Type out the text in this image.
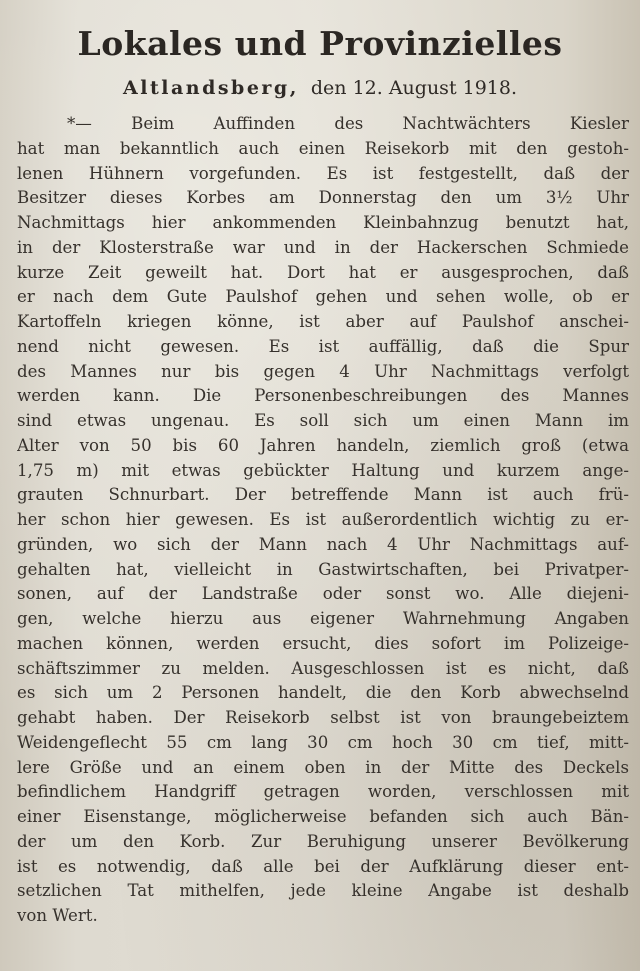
Lokales und Provinzielles
Altlandsberg, den 12. August 1918.
*— Beim Auffinden des Nachtwächters Kiesler
hat man bekanntlich auch einen Reisekorb mit den gestoh-
lenen Hühnern vorgefunden. Es ist festgestellt, daß der
Besitzer dieses Korbes am Donnerstag den um 3½ Uhr
Nachmittags hier ankommenden Kleinbahnzug benutzt hat,
in der Klosterstraße war und in der Hackerschen Schmiede
kurze Zeit geweilt hat. Dort hat er ausgesprochen, daß
er nach dem Gute Paulshof gehen und sehen wolle, ob er
Kartoffeln kriegen könne, ist aber auf Paulshof anschei-
nend nicht gewesen. Es ist auffällig, daß die Spur
des Mannes nur bis gegen 4 Uhr Nachmittags verfolgt
werden kann. Die Personenbeschreibungen des Mannes
sind etwas ungenau. Es soll sich um einen Mann im
Alter von 50 bis 60 Jahren handeln, ziemlich groß (etwa
1,75 m) mit etwas gebückter Haltung und kurzem ange-
grauten Schnurbart. Der betreffende Mann ist auch frü-
her schon hier gewesen. Es ist außerordentlich wichtig zu er-
gründen, wo sich der Mann nach 4 Uhr Nachmittags auf-
gehalten hat, vielleicht in Gastwirtschaften, bei Privatper-
sonen, auf der Landstraße oder sonst wo. Alle diejeni-
gen, welche hierzu aus eigener Wahrnehmung Angaben
machen können, werden ersucht, dies sofort im Polizeige-
schäftszimmer zu melden. Ausgeschlossen ist es nicht, daß
es sich um 2 Personen handelt, die den Korb abwechselnd
gehabt haben. Der Reisekorb selbst ist von braungebeiztem
Weidengeflecht 55 cm lang 30 cm hoch 30 cm tief, mitt-
lere Größe und an einem oben in der Mitte des Deckels
befindlichem Handgriff getragen worden, verschlossen mit
einer Eisenstange, möglicherweise befanden sich auch Bän-
der um den Korb. Zur Beruhigung unserer Bevölkerung
ist es notwendig, daß alle bei der Aufklärung dieser ent-
setzlichen Tat mithelfen, jede kleine Angabe ist deshalb
von Wert.
